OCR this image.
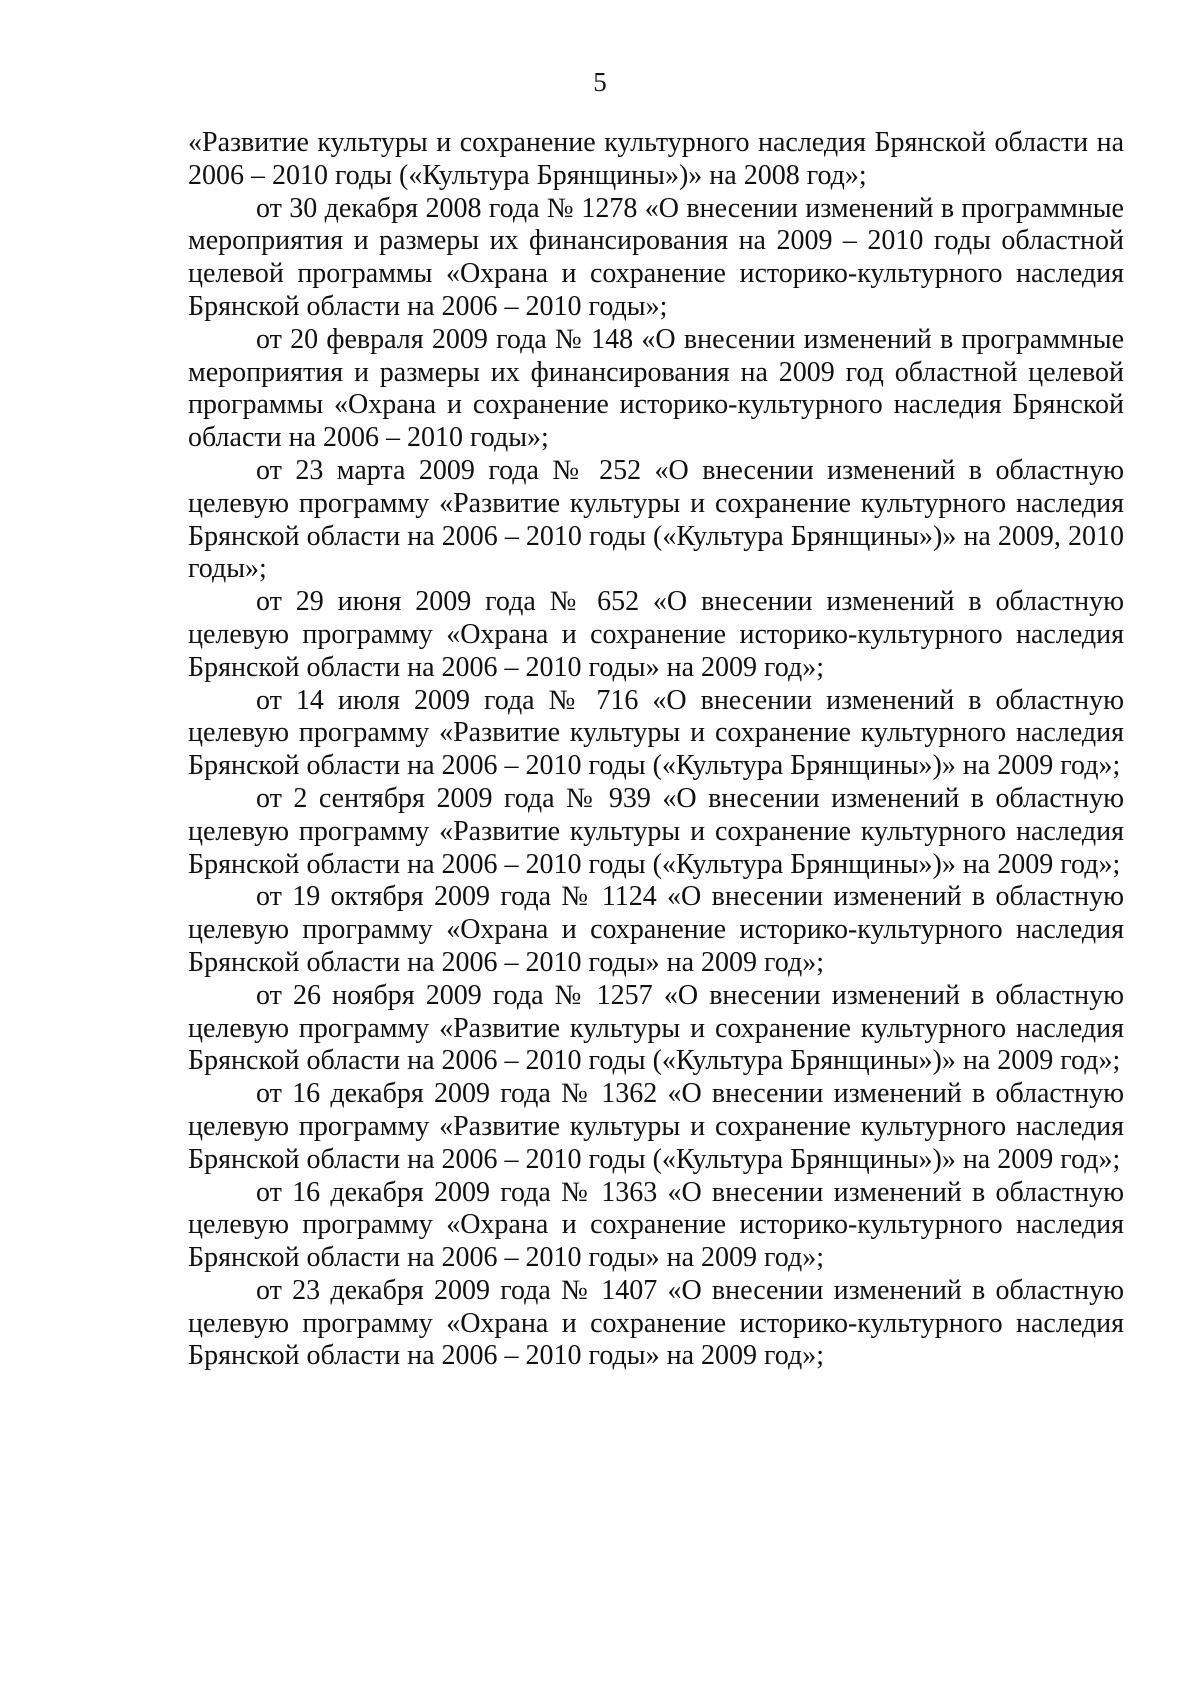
5

«Развитие культуры и сохранение культурного наследия Брянской области на 2006 – 2010 годы («Культура Брянщины»)» на 2008 год»;

от 30 декабря 2008 года № 1278 «О внесении изменений в программные мероприятия и размеры их финансирования на 2009 – 2010 годы областной целевой программы «Охрана и сохранение историко-культурного наследия Брянской области на 2006 – 2010 годы»;

от 20 февраля 2009 года № 148 «О внесении изменений в программные мероприятия и размеры их финансирования на 2009 год областной целевой программы «Охрана и сохранение историко-культурного наследия Брянской области на 2006 – 2010 годы»;

от 23 марта 2009 года № 252 «О внесении изменений в областную целевую программу «Развитие культуры и сохранение культурного наследия Брянской области на 2006 – 2010 годы («Культура Брянщины»)» на 2009, 2010 годы»;

от 29 июня 2009 года № 652 «О внесении изменений в областную целевую программу «Охрана и сохранение историко-культурного наследия Брянской области на 2006 – 2010 годы» на 2009 год»;

от 14 июля 2009 года № 716 «О внесении изменений в областную целевую программу «Развитие культуры и сохранение культурного наследия Брянской области на 2006 – 2010 годы («Культура Брянщины»)» на 2009 год»;

от 2 сентября 2009 года № 939 «О внесении изменений в областную целевую программу «Развитие культуры и сохранение культурного наследия Брянской области на 2006 – 2010 годы («Культура Брянщины»)» на 2009 год»;

от 19 октября 2009 года № 1124 «О внесении изменений в областную целевую программу «Охрана и сохранение историко-культурного наследия Брянской области на 2006 – 2010 годы» на 2009 год»;

от 26 ноября 2009 года № 1257 «О внесении изменений в областную целевую программу «Развитие культуры и сохранение культурного наследия Брянской области на 2006 – 2010 годы («Культура Брянщины»)» на 2009 год»;

от 16 декабря 2009 года № 1362 «О внесении изменений в областную целевую программу «Развитие культуры и сохранение культурного наследия Брянской области на 2006 – 2010 годы («Культура Брянщины»)» на 2009 год»;

от 16 декабря 2009 года № 1363 «О внесении изменений в областную целевую программу «Охрана и сохранение историко-культурного наследия Брянской области на 2006 – 2010 годы» на 2009 год»;

от 23 декабря 2009 года № 1407 «О внесении изменений в областную целевую программу «Охрана и сохранение историко-культурного наследия Брянской области на 2006 – 2010 годы» на 2009 год»;
